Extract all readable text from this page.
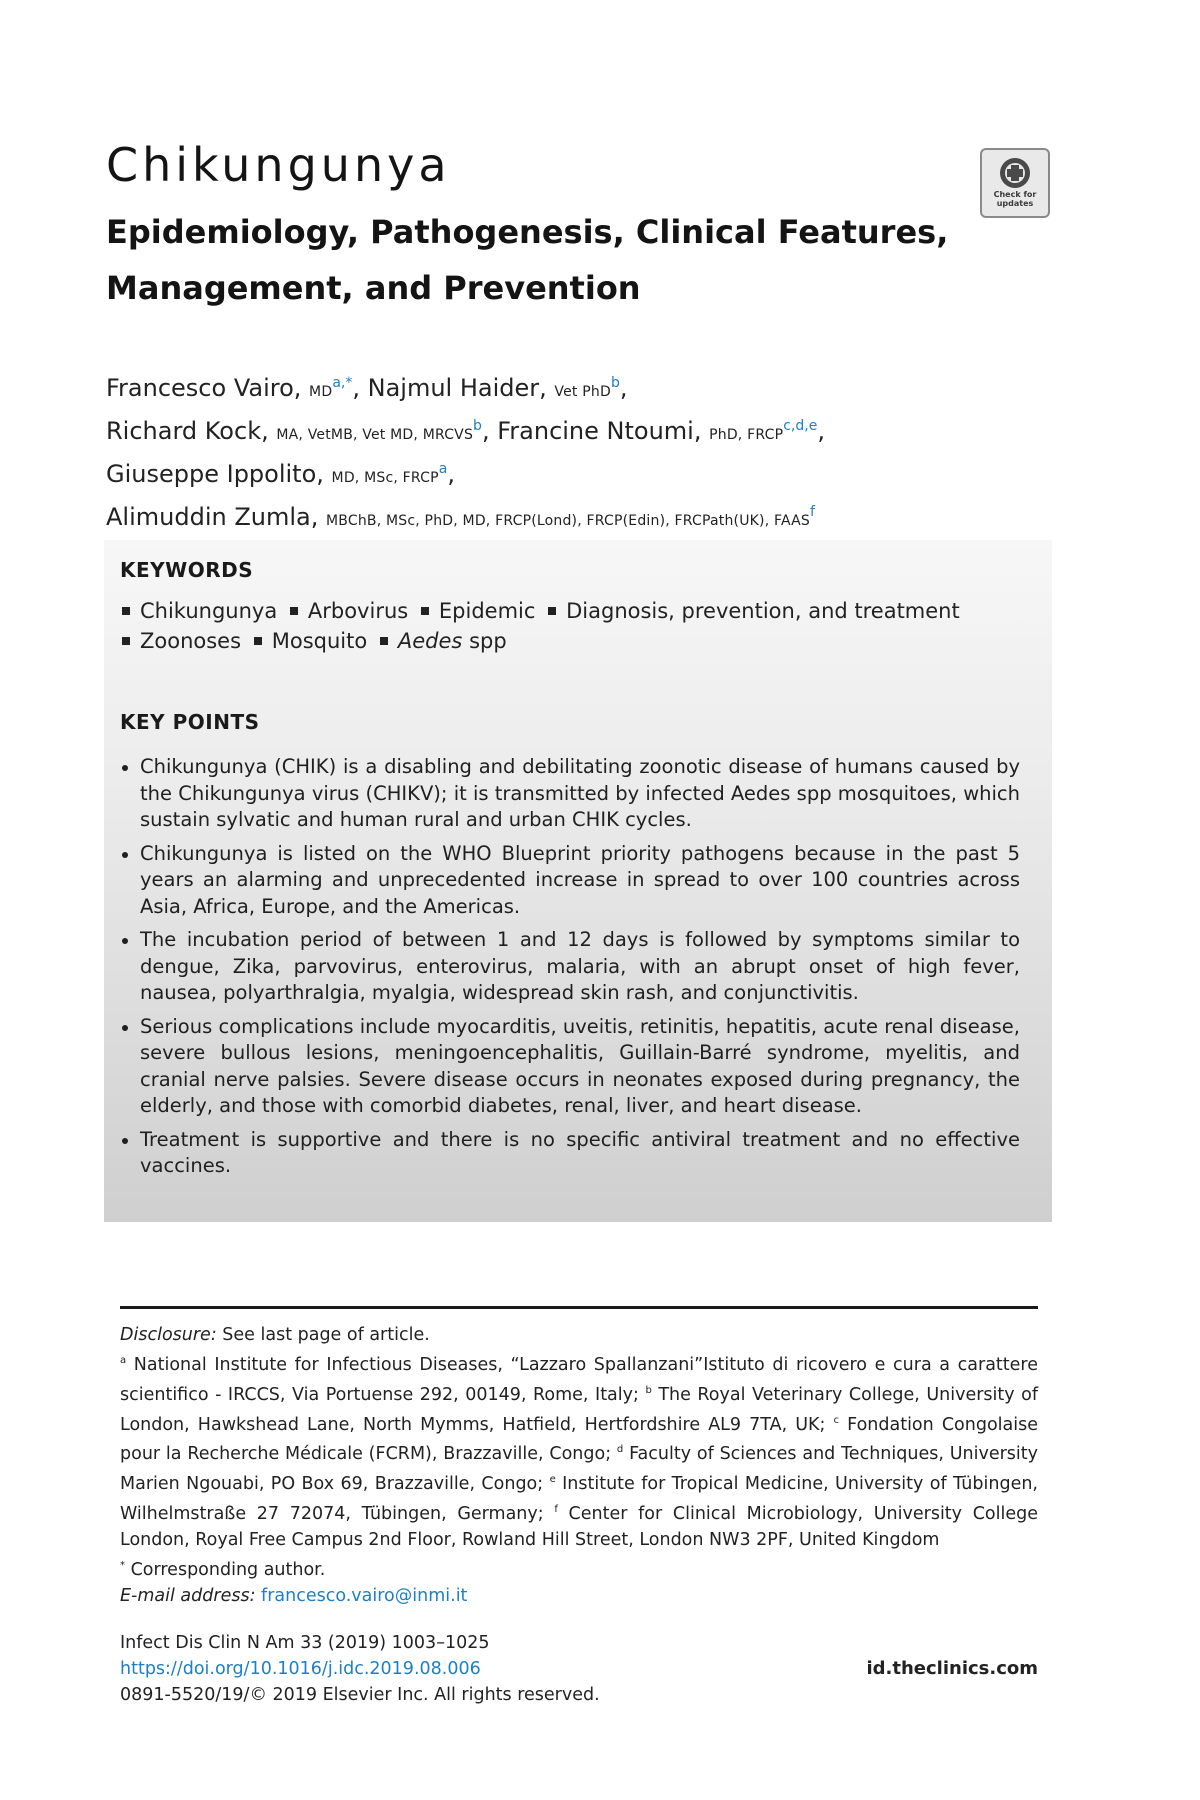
Chikungunya
Epidemiology, Pathogenesis, Clinical Features, Management, and Prevention
Check for updates
Francesco Vairo, MD$^{a,*}$, Najmul Haider, Vet PhD$^b$,
Richard Kock, MA, VetMB, Vet MD, MRCVS$^b$, Francine Ntoumi, PhD, FRCP$^{c,d,e}$,
Giuseppe Ippolito, MD, MSc, FRCP$^a$,
Alimuddin Zumla, MBChB, MSc, PhD, MD, FRCP(Lond), FRCP(Edin), FRCPath(UK), FAAS$^f$
KEYWORDS
Chikungunya Arbovirus Epidemic Diagnosis, prevention, and treatment
Zoonoses Mosquito Aedes spp
KEY POINTS
Chikungunya (CHIK) is a disabling and debilitating zoonotic disease of humans caused by the Chikungunya virus (CHIKV); it is transmitted by infected Aedes spp mosquitoes, which sustain sylvatic and human rural and urban CHIK cycles.
Chikungunya is listed on the WHO Blueprint priority pathogens because in the past 5 years an alarming and unprecedented increase in spread to over 100 countries across Asia, Africa, Europe, and the Americas.
The incubation period of between 1 and 12 days is followed by symptoms similar to dengue, Zika, parvovirus, enterovirus, malaria, with an abrupt onset of high fever, nausea, polyarthralgia, myalgia, widespread skin rash, and conjunctivitis.
Serious complications include myocarditis, uveitis, retinitis, hepatitis, acute renal disease, severe bullous lesions, meningoencephalitis, Guillain-Barré syndrome, myelitis, and cranial nerve palsies. Severe disease occurs in neonates exposed during pregnancy, the elderly, and those with comorbid diabetes, renal, liver, and heart disease.
Treatment is supportive and there is no specific antiviral treatment and no effective vaccines.

Disclosure: See last page of article.

$^a$ National Institute for Infectious Diseases, “Lazzaro Spallanzani”Istituto di ricovero e cura a carattere scientifico - IRCCS, Via Portuense 292, 00149, Rome, Italy; $^b$ The Royal Veterinary College, University of London, Hawkshead Lane, North Mymms, Hatfield, Hertfordshire AL9 7TA, UK; $^c$ Fondation Congolaise pour la Recherche Médicale (FCRM), Brazzaville, Congo; $^d$ Faculty of Sciences and Techniques, University Marien Ngouabi, PO Box 69, Brazzaville, Congo; $^e$ Institute for Tropical Medicine, University of Tübingen, Wilhelmstraße 27 72074, Tübingen, Germany; $^f$ Center for Clinical Microbiology, University College London, Royal Free Campus 2nd Floor, Rowland Hill Street, London NW3 2PF, United Kingdom

* Corresponding author.

E-mail address: francesco.vairo@inmi.it

Infect Dis Clin N Am 33 (2019) 1003–1025
https://doi.org/10.1016/j.idc.2019.08.006
0891-5520/19/© 2019 Elsevier Inc. All rights reserved.
id.theclinics.com
